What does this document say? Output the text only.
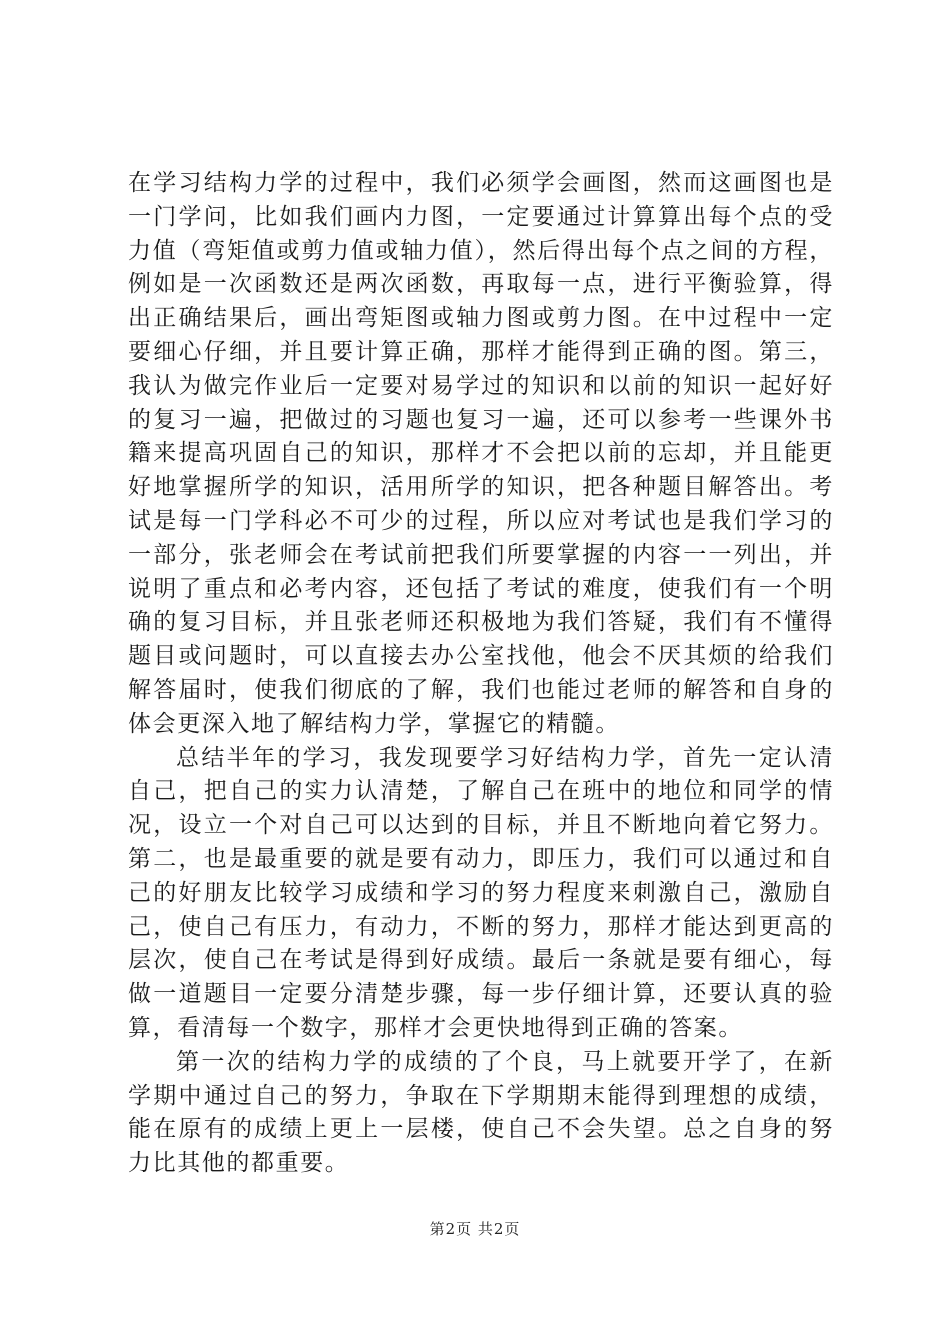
在学习结构力学的过程中，我们必须学会画图，然而这画图也是一门学问，比如我们画内力图，一定要通过计算算出每个点的受力值（弯矩值或剪力值或轴力值），然后得出每个点之间的方程，例如是一次函数还是两次函数，再取每一点，进行平衡验算，得出正确结果后，画出弯矩图或轴力图或剪力图。在中过程中一定要细心仔细，并且要计算正确，那样才能得到正确的图。第三，我认为做完作业后一定要对易学过的知识和以前的知识一起好好的复习一遍，把做过的习题也复习一遍，还可以参考一些课外书籍来提高巩固自己的知识，那样才不会把以前的忘却，并且能更好地掌握所学的知识，活用所学的知识，把各种题目解答出。考试是每一门学科必不可少的过程，所以应对考试也是我们学习的一部分，张老师会在考试前把我们所要掌握的内容一一列出，并说明了重点和必考内容，还包括了考试的难度，使我们有一个明确的复习目标，并且张老师还积极地为我们答疑，我们有不懂得题目或问题时，可以直接去办公室找他，他会不厌其烦的给我们解答届时，使我们彻底的了解，我们也能过老师的解答和自身的体会更深入地了解结构力学，掌握它的精髓。

总结半年的学习，我发现要学习好结构力学，首先一定认清自己，把自己的实力认清楚，了解自己在班中的地位和同学的情况，设立一个对自己可以达到的目标，并且不断地向着它努力。第二，也是最重要的就是要有动力，即压力，我们可以通过和自己的好朋友比较学习成绩和学习的努力程度来刺激自己，激励自己，使自己有压力，有动力，不断的努力，那样才能达到更高的层次，使自己在考试是得到好成绩。最后一条就是要有细心，每做一道题目一定要分清楚步骤，每一步仔细计算，还要认真的验算，看清每一个数字，那样才会更快地得到正确的答案。

第一次的结构力学的成绩的了个良，马上就要开学了，在新学期中通过自己的努力，争取在下学期期末能得到理想的成绩，能在原有的成绩上更上一层楼，使自己不会失望。总之自身的努力比其他的都重要。

第2页 共2页
